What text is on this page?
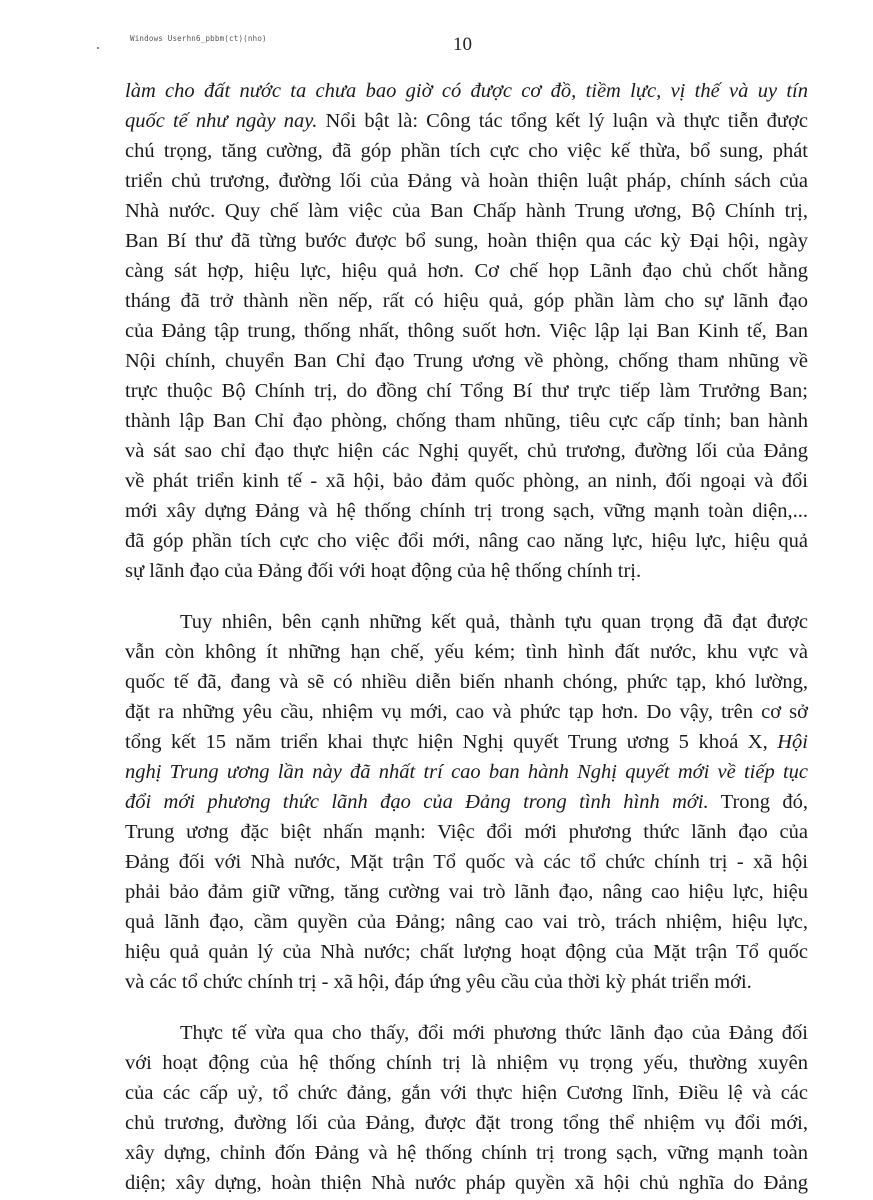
Windows Userhn6_pbbm(ct)(nho)	10
làm cho đất nước ta chưa bao giờ có được cơ đồ, tiềm lực, vị thế và uy tín
quốc tế như ngày nay. Nổi bật là: Công tác tổng kết lý luận và thực tiễn được
chú trọng, tăng cường, đã góp phần tích cực cho việc kế thừa, bổ sung, phát
triển chủ trương, đường lối của Đảng và hoàn thiện luật pháp, chính sách của
Nhà nước. Quy chế làm việc của Ban Chấp hành Trung ương, Bộ Chính trị,
Ban Bí thư đã từng bước được bổ sung, hoàn thiện qua các kỳ Đại hội, ngày
càng sát hợp, hiệu lực, hiệu quả hơn. Cơ chế họp Lãnh đạo chủ chốt hằng
tháng đã trở thành nền nếp, rất có hiệu quả, góp phần làm cho sự lãnh đạo
của Đảng tập trung, thống nhất, thông suốt hơn. Việc lập lại Ban Kinh tế, Ban
Nội chính, chuyển Ban Chỉ đạo Trung ương về phòng, chống tham nhũng về
trực thuộc Bộ Chính trị, do đồng chí Tổng Bí thư trực tiếp làm Trưởng Ban;
thành lập Ban Chỉ đạo phòng, chống tham nhũng, tiêu cực cấp tỉnh; ban hành
và sát sao chỉ đạo thực hiện các Nghị quyết, chủ trương, đường lối của Đảng
về phát triển kinh tế - xã hội, bảo đảm quốc phòng, an ninh, đối ngoại và đổi
mới xây dựng Đảng và hệ thống chính trị trong sạch, vững mạnh toàn diện,...
đã góp phần tích cực cho việc đổi mới, nâng cao năng lực, hiệu lực, hiệu quả
sự lãnh đạo của Đảng đối với hoạt động của hệ thống chính trị.
Tuy nhiên, bên cạnh những kết quả, thành tựu quan trọng đã đạt được
vẫn còn không ít những hạn chế, yếu kém; tình hình đất nước, khu vực và
quốc tế đã, đang và sẽ có nhiều diễn biến nhanh chóng, phức tạp, khó lường,
đặt ra những yêu cầu, nhiệm vụ mới, cao và phức tạp hơn. Do vậy, trên cơ sở
tổng kết 15 năm triển khai thực hiện Nghị quyết Trung ương 5 khoá X, Hội
nghị Trung ương lần này đã nhất trí cao ban hành Nghị quyết mới về tiếp tục
đổi mới phương thức lãnh đạo của Đảng trong tình hình mới. Trong đó,
Trung ương đặc biệt nhấn mạnh: Việc đổi mới phương thức lãnh đạo của
Đảng đối với Nhà nước, Mặt trận Tổ quốc và các tổ chức chính trị - xã hội
phải bảo đảm giữ vững, tăng cường vai trò lãnh đạo, nâng cao hiệu lực, hiệu
quả lãnh đạo, cầm quyền của Đảng; nâng cao vai trò, trách nhiệm, hiệu lực,
hiệu quả quản lý của Nhà nước; chất lượng hoạt động của Mặt trận Tổ quốc
và các tổ chức chính trị - xã hội, đáp ứng yêu cầu của thời kỳ phát triển mới.
Thực tế vừa qua cho thấy, đổi mới phương thức lãnh đạo của Đảng đối
với hoạt động của hệ thống chính trị là nhiệm vụ trọng yếu, thường xuyên
của các cấp uỷ, tổ chức đảng, gắn với thực hiện Cương lĩnh, Điều lệ và các
chủ trương, đường lối của Đảng, được đặt trong tổng thể nhiệm vụ đổi mới,
xây dựng, chỉnh đốn Đảng và hệ thống chính trị trong sạch, vững mạnh toàn
diện; xây dựng, hoàn thiện Nhà nước pháp quyền xã hội chủ nghĩa do Đảng
